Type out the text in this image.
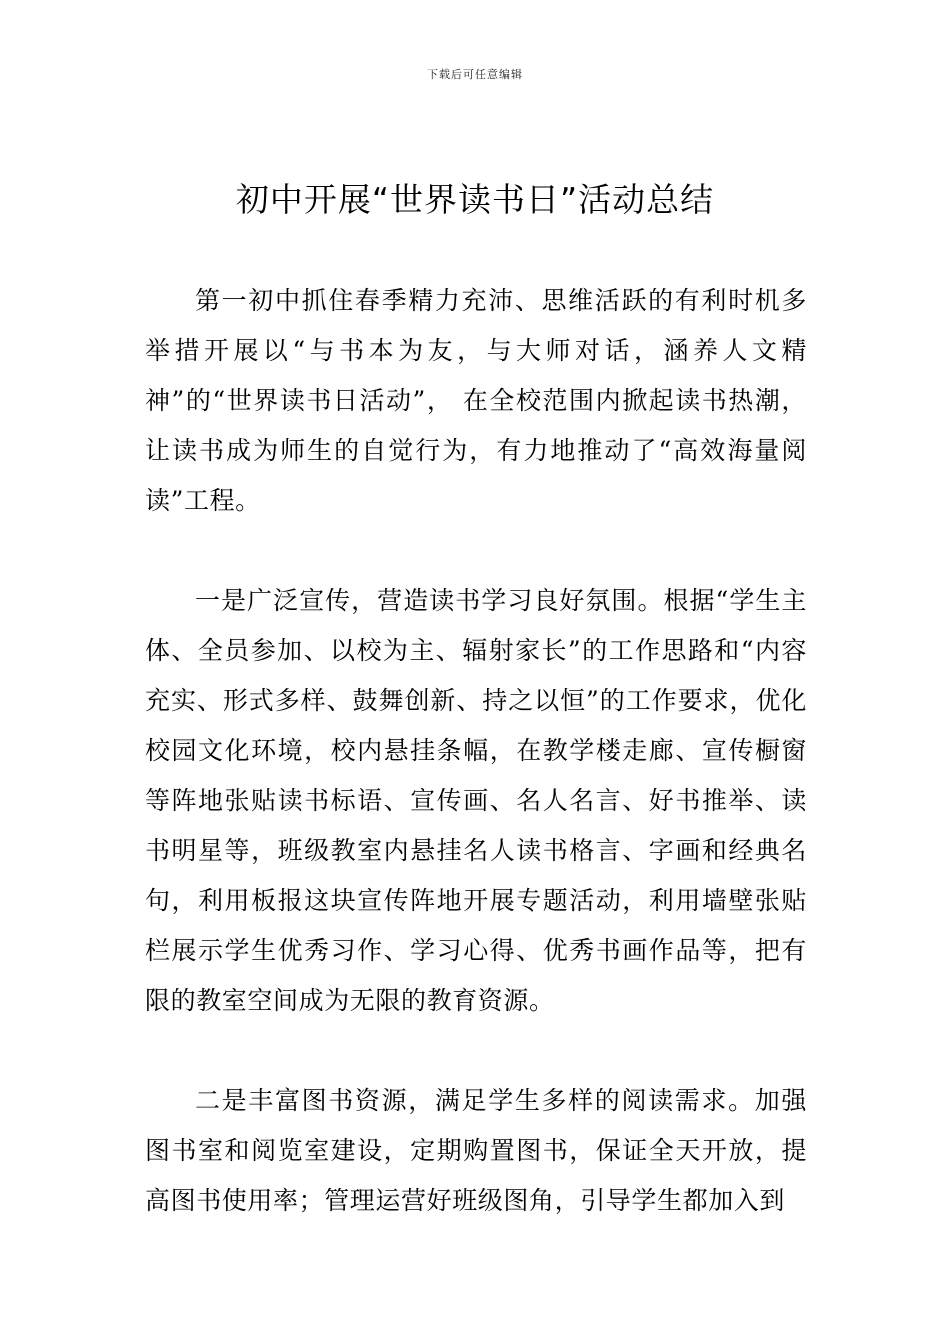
下载后可任意编辑
初中开展“世界读书日”活动总结

第一初中抓住春季精力充沛、思维活跃的有利时机多举措开展以“与书本为友，与大师对话，涵养人文精神”的“世界读书日活动”， 在全校范围内掀起读书热潮，让读书成为师生的自觉行为，有力地推动了“高效海量阅读”工程。

一是广泛宣传，营造读书学习良好氛围。根据“学生主体、全员参加、以校为主、辐射家长”的工作思路和“内容充实、形式多样、鼓舞创新、持之以恒”的工作要求，优化校园文化环境，校内悬挂条幅，在教学楼走廊、宣传橱窗等阵地张贴读书标语、宣传画、名人名言、好书推举、读书明星等，班级教室内悬挂名人读书格言、字画和经典名句，利用板报这块宣传阵地开展专题活动，利用墙壁张贴栏展示学生优秀习作、学习心得、优秀书画作品等，把有限的教室空间成为无限的教育资源。

二是丰富图书资源，满足学生多样的阅读需求。加强图书室和阅览室建设，定期购置图书，保证全天开放，提高图书使用率；管理运营好班级图角，引导学生都加入到
